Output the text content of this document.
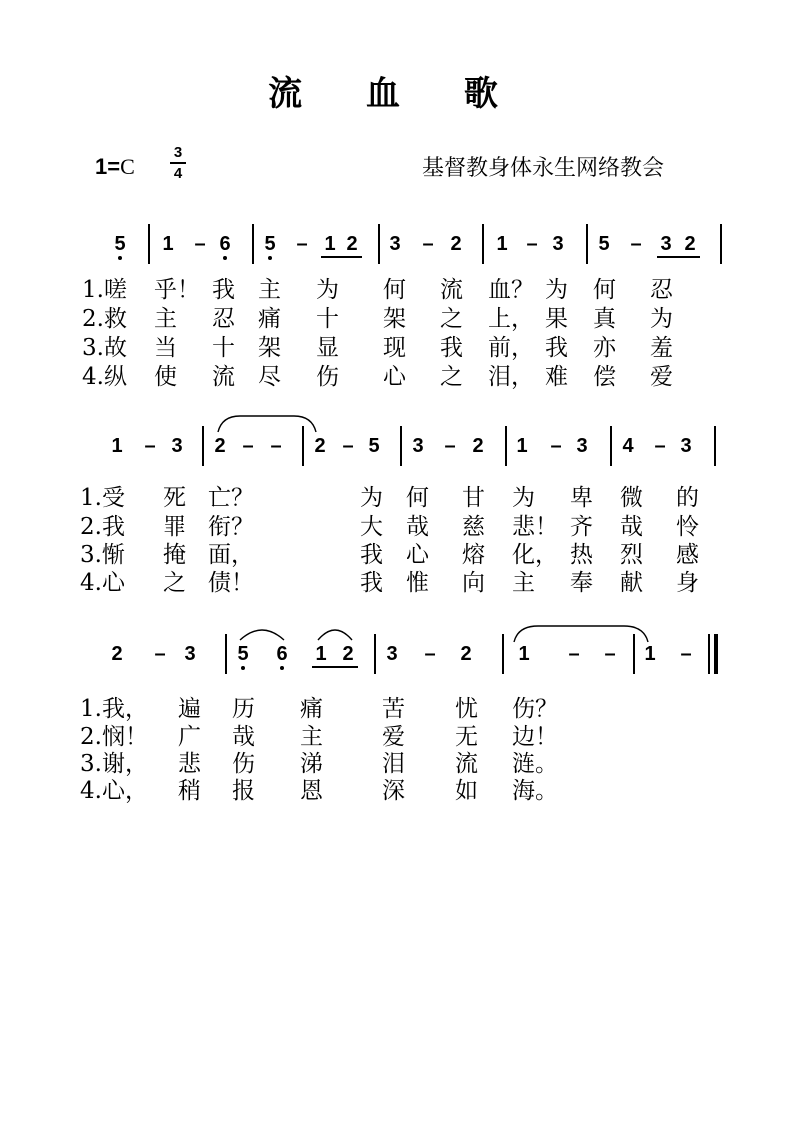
流 血 歌
1=C
3
4	基督教身体永生网络教会
5 1 – 6 5 – 1 2 3 – 2 1 – 3 5 – 3 2
1.嗟 乎！ 我 主 为 何 流 血？ 为 何 忍
2.救 主 忍 痛 十 架 之 上， 果 真 为
3.故 当 十 架 显 现 我 前， 我 亦 羞
4.纵 使 流 尽 伤 心 之 泪， 难 偿 爱
1 – 3 2 – – 2 – 5 3 – 2 1 – 3 4 – 3
1.受 死 亡？	为 何 甘 为 卑 微 的
2.我 罪 衔？	大 哉 慈 悲！ 齐 哉 怜
3.惭 掩 面，	我 心 熔 化， 热 烈 感
4.心 之 债！	我 惟 向 主 奉 献 身
2 – 3 5 6 1 2 3 – 2 1 – – 1 –
1.我， 遍 历 痛	苦 忧 伤？
2.悯！ 广 哉 主	爱 无 边！
3.谢， 悲 伤 涕	泪 流 涟。
4.心， 稍 报 恩	深 如 海。
